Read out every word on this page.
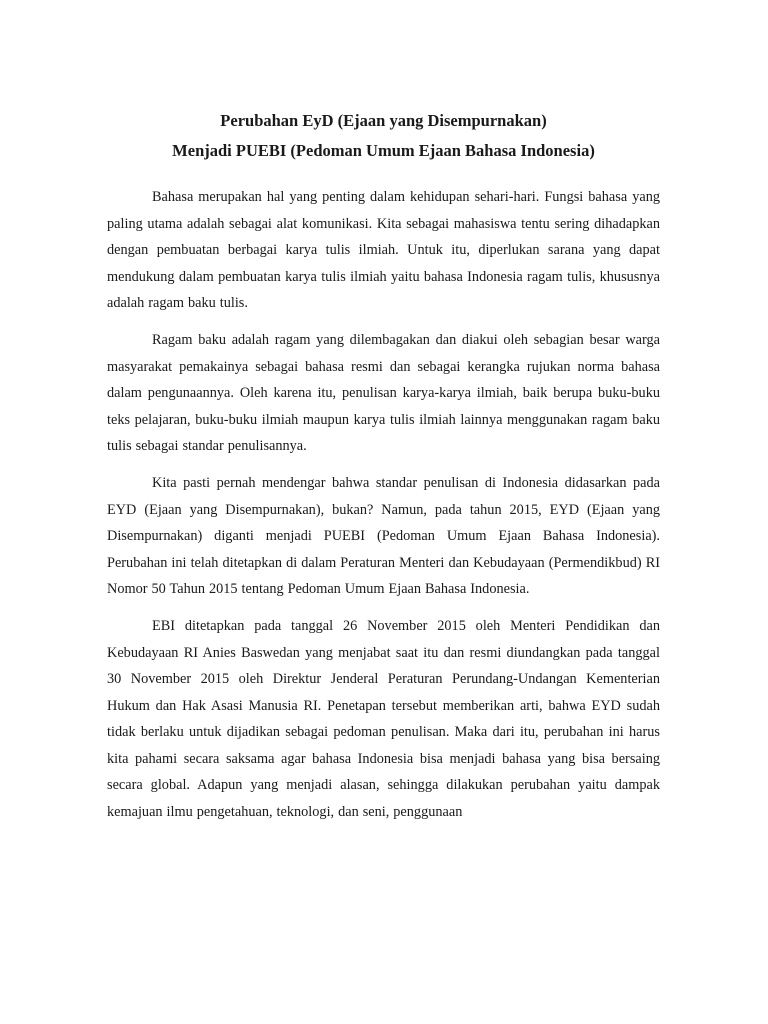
Perubahan EyD (Ejaan yang Disempurnakan)

Menjadi PUEBI (Pedoman Umum Ejaan Bahasa Indonesia)

Bahasa merupakan hal yang penting dalam kehidupan sehari-hari. Fungsi bahasa yang paling utama adalah sebagai alat komunikasi. Kita sebagai mahasiswa tentu sering dihadapkan dengan pembuatan berbagai karya tulis ilmiah. Untuk itu, diperlukan sarana yang dapat mendukung dalam pembuatan karya tulis ilmiah yaitu bahasa Indonesia ragam tulis, khususnya adalah ragam baku tulis.

Ragam baku adalah ragam yang dilembagakan dan diakui oleh sebagian besar warga masyarakat pemakainya sebagai bahasa resmi dan sebagai kerangka rujukan norma bahasa dalam pengunaannya. Oleh karena itu, penulisan karya-karya ilmiah, baik berupa buku-buku teks pelajaran, buku-buku ilmiah maupun karya tulis ilmiah lainnya menggunakan ragam baku tulis sebagai standar penulisannya.

Kita pasti pernah mendengar bahwa standar penulisan di Indonesia didasarkan pada EYD (Ejaan yang Disempurnakan), bukan? Namun, pada tahun 2015, EYD (Ejaan yang Disempurnakan) diganti menjadi PUEBI (Pedoman Umum Ejaan Bahasa Indonesia). Perubahan ini telah ditetapkan di dalam Peraturan Menteri dan Kebudayaan (Permendikbud) RI Nomor 50 Tahun 2015 tentang Pedoman Umum Ejaan Bahasa Indonesia.

EBI ditetapkan pada tanggal 26 November 2015 oleh Menteri Pendidikan dan Kebudayaan RI Anies Baswedan yang menjabat saat itu dan resmi diundangkan pada tanggal 30 November 2015 oleh Direktur Jenderal Peraturan Perundang-Undangan Kementerian Hukum dan Hak Asasi Manusia RI. Penetapan tersebut memberikan arti, bahwa EYD sudah tidak berlaku untuk dijadikan sebagai pedoman penulisan. Maka dari itu, perubahan ini harus kita pahami secara saksama agar bahasa Indonesia bisa menjadi bahasa yang bisa bersaing secara global. Adapun yang menjadi alasan, sehingga dilakukan perubahan yaitu dampak kemajuan ilmu pengetahuan, teknologi, dan seni, penggunaan
